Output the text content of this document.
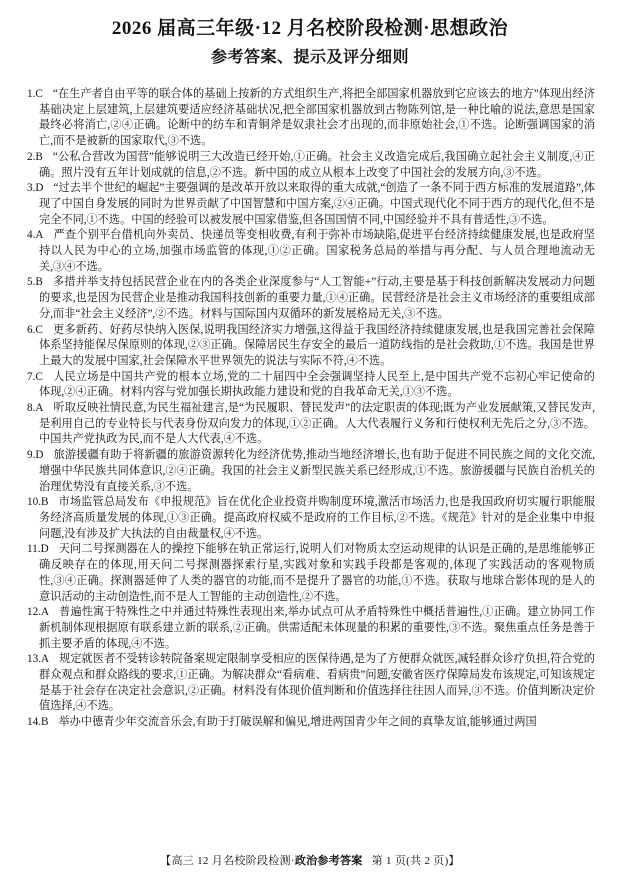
2026 届高三年级·12 月名校阶段检测·思想政治
参考答案、提示及评分细则

1.C “在生产者自由平等的联合体的基础上按新的方式组织生产,将把全部国家机器放到它应该去的地方”体现出经济基础决定上层建筑,上层建筑要适应经济基础状况,把全部国家机器放到古物陈列馆,是一种比喻的说法,意思是国家最终必将消亡,②④正确。论断中的纺车和青铜斧是奴隶社会才出现的,而非原始社会,①不选。论断强调国家的消亡,而不是被新的国家取代,③不选。

2.B “公私合营改为国营”能够说明三大改造已经开始,①正确。社会主义改造完成后,我国确立起社会主义制度,④正确。照片没有五年计划成就的信息,②不选。新中国的成立从根本上改变了中国社会的发展方向,③不选。

3.D “过去半个世纪的崛起”主要强调的是改革开放以来取得的重大成就,“创造了一条不同于西方标准的发展道路”,体现了中国自身发展的同时为世界贡献了中国智慧和中国方案,②④正确。中国式现代化不同于西方的现代化,但不是完全不同,①不选。中国的经验可以被发展中国家借鉴,但各国国情不同,中国经验并不具有普适性,③不选。

4.A 严查个别平台借机向外卖员、快递员等变相收费,有利于弥补市场缺陷,促进平台经济持续健康发展,也是政府坚持以人民为中心的立场,加强市场监管的体现,①②正确。国家税务总局的举措与再分配、与人员合理地流动无关,③④不选。

5.B 多措并举支持包括民营企业在内的各类企业深度参与“人工智能+”行动,主要是基于科技创新解决发展动力问题的要求,也是因为民营企业是推动我国科技创新的重要力量,①④正确。民营经济是社会主义市场经济的重要组成部分,而非“社会主义经济”,②不选。材料与国际国内双循环的新发展格局无关,③不选。

6.C 更多新药、好药尽快纳入医保,说明我国经济实力增强,这得益于我国经济持续健康发展,也是我国完善社会保障体系坚持能保尽保原则的体现,②③正确。保障居民生存安全的最后一道防线指的是社会救助,①不选。我国是世界上最大的发展中国家,社会保障水平世界领先的说法与实际不符,④不选。

7.C 人民立场是中国共产党的根本立场,党的二十届四中全会强调坚持人民至上,是中国共产党不忘初心牢记使命的体现,②④正确。材料内容与党加强长期执政能力建设和党的自我革命无关,①③不选。

8.A 听取反映社情民意,为民生福祉建言,是“为民履职、替民发声”的法定职责的体现;既为产业发展献策,又替民发声,是利用自己的专业特长与代表身份双向发力的体现,①②正确。人大代表履行义务和行使权利无先后之分,③不选。中国共产党执政为民,而不是人大代表,④不选。

9.D 旅游援疆有助于将新疆的旅游资源转化为经济优势,推动当地经济增长,也有助于促进不同民族之间的文化交流,增强中华民族共同体意识,②④正确。我国的社会主义新型民族关系已经形成,①不选。旅游援疆与民族自治机关的治理优势没有直接关系,③不选。

10.B 市场监管总局发布《申报规范》旨在优化企业投资并购制度环境,激活市场活力,也是我国政府切实履行职能服务经济高质量发展的体现,①③正确。提高政府权威不是政府的工作目标,②不选。《规范》针对的是企业集中申报问题,没有涉及扩大执法的自由裁量权,④不选。

11.D 天问二号探测器在人的操控下能够在轨正常运行,说明人们对物质太空运动规律的认识是正确的,是思维能够正确反映存在的体现,用天问二号探测器探索行星,实践对象和实践手段都是客观的,体现了实践活动的客观物质性,③④正确。探测器延伸了人类的器官的功能,而不是提升了器官的功能,①不选。获取与地球合影体现的是人的意识活动的主动创造性,而不是人工智能的主动创造性,②不选。

12.A 普遍性寓于特殊性之中并通过特殊性表现出来,举办试点可从矛盾特殊性中概括普遍性,①正确。建立协同工作新机制体现根据原有联系建立新的联系,②正确。供需适配未体现量的积累的重要性,③不选。聚焦重点任务是善于抓主要矛盾的体现,④不选。

13.A 规定就医者不受转诊转院备案规定限制享受相应的医保待遇,是为了方便群众就医,减轻群众诊疗负担,符合党的群众观点和群众路线的要求,①正确。为解决群众“看病难、看病贵”问题,安徽省医疗保障局发布该规定,可知该规定是基于社会存在决定社会意识,②正确。材料没有体现价值判断和价值选择往往因人而异,③不选。价值判断决定价值选择,④不选。

14.B 举办中德青少年交流音乐会,有助于打破误解和偏见,增进两国青少年之间的真挚友谊,能够通过两国

【高三 12 月名校阶段检测·政治参考答案 第 1 页(共 2 页)】
